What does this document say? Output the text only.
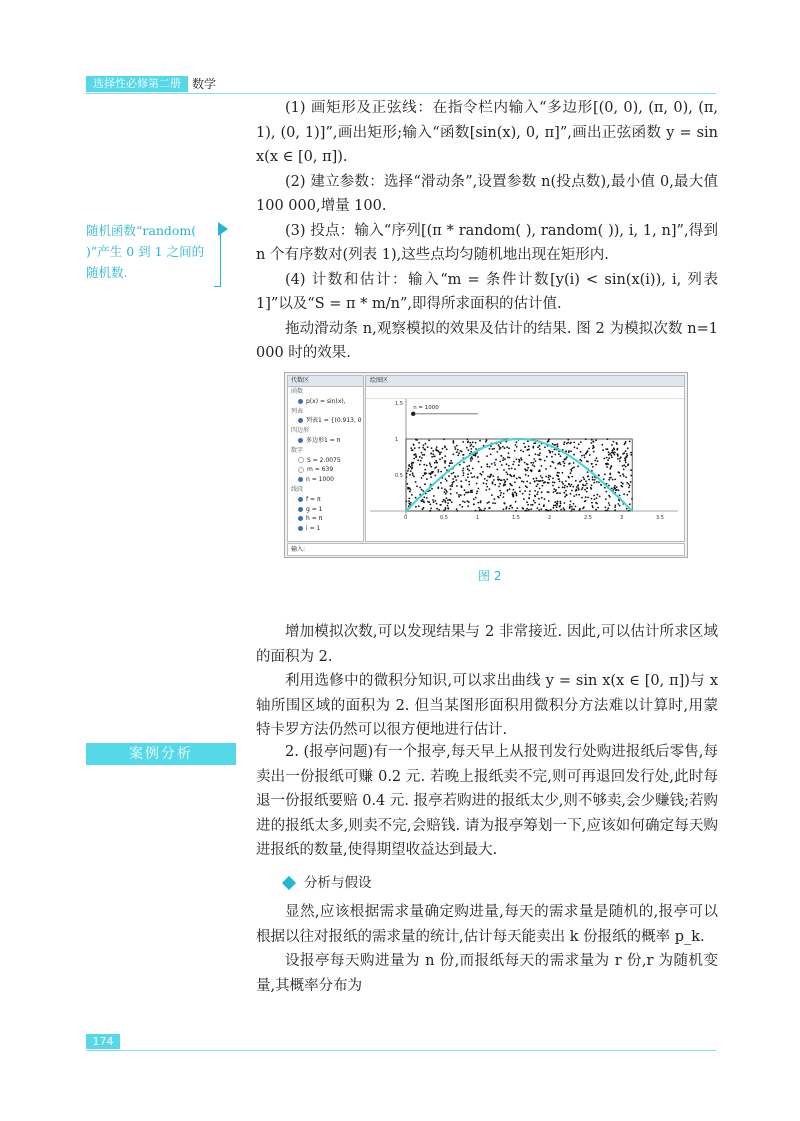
选择性必修第二册 数学
随机函数“random( )”产生 0 到 1 之间的随机数.

(1) 画矩形及正弦线：在指令栏内输入“多边形[(0, 0), (π, 0), (π, 1), (0, 1)]”,画出矩形;输入“函数[sin(x), 0, π]”,画出正弦函数 y = sin x(x ∈ [0, π]).

(2) 建立参数：选择“滑动条”,设置参数 n(投点数),最小值 0,最大值 100 000,增量 100.

(3) 投点：输入“序列[(π * random( ), random( )), i, 1, n]”,得到 n 个有序数对(列表 1),这些点均匀随机地出现在矩形内.

(4) 计数和估计：输入“m = 条件计数[y(i) < sin(x(i)), i, 列表 1]”以及“S = π * m/n”,即得所求面积的估计值.

拖动滑动条 n,观察模拟的效果及估计的结果. 图 2 为模拟次数 n=1 000 时的效果.

代数区
函数
p(x) = sin(x),
列表
列表1 = {(0.913, 0
四边形
多边形1 = π
数字
S = 2.0075
m = 639
n = 1000
线段
f = π
g = 1
h = π
i = 1
绘图区
0	0.5	1	1.5	2	2.5	3	3.5
1.5
1
0.5
n = 1000
输入:
图 2

增加模拟次数,可以发现结果与 2 非常接近. 因此,可以估计所求区域的面积为 2.

利用选修中的微积分知识,可以求出曲线 y = sin x(x ∈ [0, π])与 x 轴所围区域的面积为 2. 但当某图形面积用微积分方法难以计算时,用蒙特卡罗方法仍然可以很方便地进行估计.

案例分析	2. (报亭问题)有一个报亭,每天早上从报刊发行处购进报纸后零售,每卖出一份报纸可赚 0.2 元. 若晚上报纸卖不完,则可再退回发行处,此时每退一份报纸要赔 0.4 元. 报亭若购进的报纸太少,则不够卖,会少赚钱;若购进的报纸太多,则卖不完,会赔钱. 请为报亭筹划一下,应该如何确定每天购进报纸的数量,使得期望收益达到最大.

分析与假设

显然,应该根据需求量确定购进量,每天的需求量是随机的,报亭可以根据以往对报纸的需求量的统计,估计每天能卖出 k 份报纸的概率 p_k.

设报亭每天购进量为 n 份,而报纸每天的需求量为 r 份,r 为随机变量,其概率分布为

174
